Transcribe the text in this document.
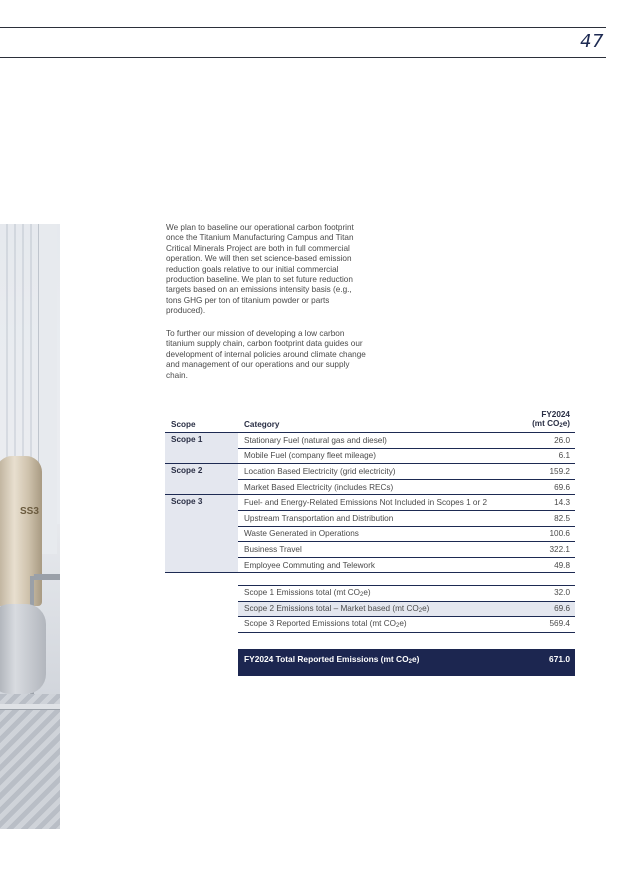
47
SS3

We plan to baseline our operational carbon footprint once the Titanium Manufacturing Campus and Titan Critical Minerals Project are both in full commercial operation. We will then set science-based emission reduction goals relative to our initial commercial production baseline. We plan to set future reduction targets based on an emissions intensity basis (e.g., tons GHG per ton of titanium powder or parts produced).

To further our mission of developing a low carbon titanium supply chain, carbon footprint data guides our development of internal policies around climate change and management of our operations and our supply chain.

Scope	Category	FY2024
(mt $CO_2e$)
Scope 1	Stationary Fuel (natural gas and diesel)	26.0
	Mobile Fuel (company fleet mileage)	6.1
Scope 2	Location Based Electricity (grid electricity)	159.2
	Market Based Electricity (includes RECs)	69.6
Scope 3	Fuel- and Energy-Related Emissions Not Included in Scopes 1 or 2	14.3
	Upstream Transportation and Distribution	82.5
	Waste Generated in Operations	100.6
	Business Travel	322.1
	Employee Commuting and Telework	49.8
Scope 1 Emissions total (mt $CO_2e$)	32.0
Scope 2 Emissions total – Market based (mt $CO_2e$)	69.6
Scope 3 Reported Emissions total (mt $CO_2e$)	569.4
FY2024 Total Reported Emissions (mt $CO_2e$)	671.0
